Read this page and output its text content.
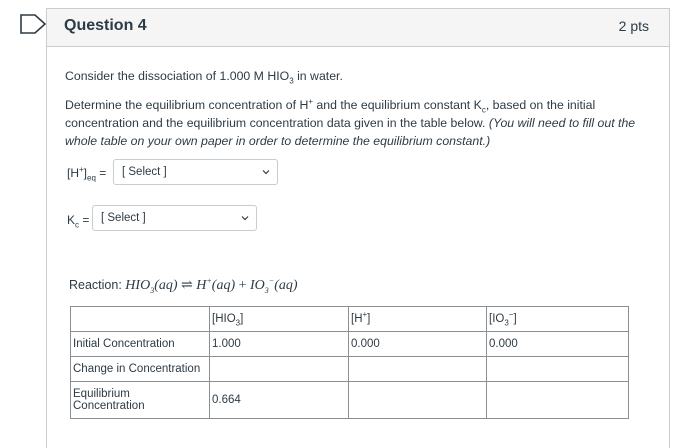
Question 4	2 pts
Consider the dissociation of 1.000 M $HIO_3$ in water.
Determine the equilibrium concentration of H+ and the equilibrium constant $K_c$, based on the initial
concentration and the equilibrium concentration data given in the table below. (You will need to fill out the
whole table on your own paper in order to determine the equilibrium constant.)
$[H^+]_{eq}$ = [ Select ]
$K_c$ = [ Select ]
Reaction: $HIO_3(aq)$ ⇌ $H^+(aq) + IO_3^-(aq)$
	$[HIO_3]$	[H+]	$[IO_3^-]$
Initial Concentration	1.000	0.000	0.000
Change in Concentration			

Equilibrium
Concentration	0.664		
